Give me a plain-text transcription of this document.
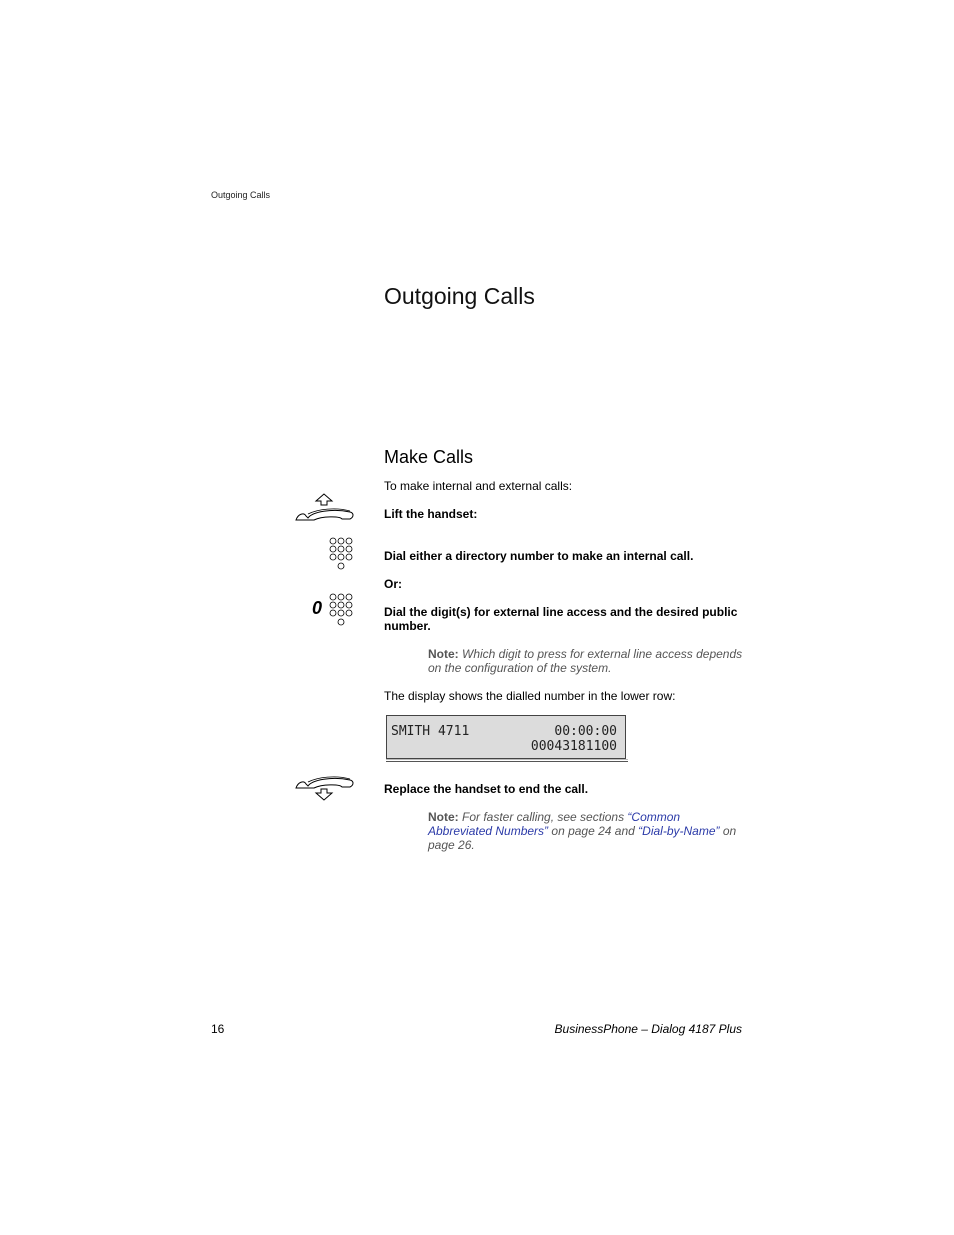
Outgoing Calls
Outgoing Calls
Make Calls
To make internal and external calls:
Lift the handset:
Dial either a directory number to make an internal call.
Or:
0	Dial the digit(s) for external line access and the desired public
number.
Note: Which digit to press for external line access depends
on the configuration of the system.
The display shows the dialled number in the lower row:
SMITH 4711	00:00:00
00043181100
Replace the handset to end the call.
Note: For faster calling, see sections “Common
Abbreviated Numbers” on page 24 and “Dial-by-Name” on
page 26.
16	BusinessPhone – Dialog 4187 Plus
